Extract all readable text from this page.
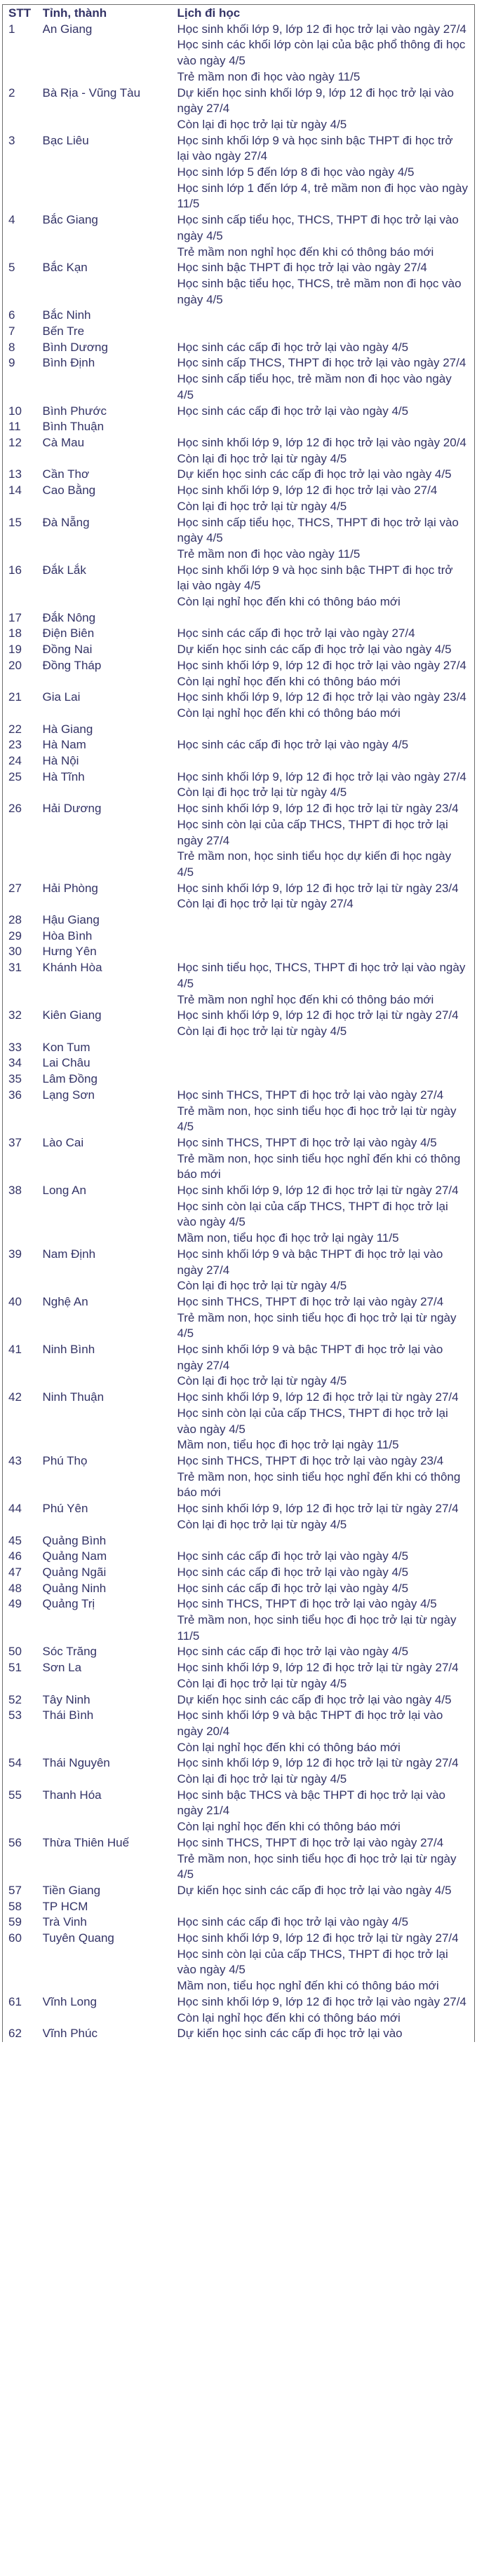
STT	Tỉnh, thành	Lịch đi học
1	An Giang	Học sinh khối lớp 9, lớp 12 đi học trở lại vào ngày 27/4
Học sinh các khối lớp còn lại của bậc phổ thông đi học vào ngày 4/5
Trẻ mầm non đi học vào ngày 11/5

2	Bà Rịa - Vũng Tàu	Dự kiến học sinh khối lớp 9, lớp 12 đi học trở lại vào ngày 27/4
Còn lại đi học trở lại từ ngày 4/5

3	Bạc Liêu	Học sinh khối lớp 9 và học sinh bậc THPT đi học trở lại vào ngày 27/4
Học sinh lớp 5 đến lớp 8 đi học vào ngày 4/5
Học sinh lớp 1 đến lớp 4, trẻ mầm non đi học vào ngày 11/5

4	Bắc Giang	Học sinh cấp tiểu học, THCS, THPT đi học trở lại vào ngày 4/5
Trẻ mầm non nghỉ học đến khi có thông báo mới

5	Bắc Kạn	Học sinh bậc THPT đi học trở lại vào ngày 27/4
Học sinh bậc tiểu học, THCS, trẻ mầm non đi học vào ngày 4/5

6	Bắc Ninh	
7	Bến Tre	
8	Bình Dương	Học sinh các cấp đi học trở lại vào ngày 4/5

9	Bình Định	Học sinh cấp THCS, THPT đi học trở lại vào ngày 27/4
Học sinh cấp tiểu học, trẻ mầm non đi học vào ngày 4/5

10	Bình Phước	Học sinh các cấp đi học trở lại vào ngày 4/5

11	Bình Thuận	
12	Cà Mau	Học sinh khối lớp 9, lớp 12 đi học trở lại vào ngày 20/4
Còn lại đi học trở lại từ ngày 4/5

13	Cần Thơ	Dự kiến học sinh các cấp đi học trở lại vào ngày 4/5

14	Cao Bằng	Học sinh khối lớp 9, lớp 12 đi học trở lại vào 27/4
Còn lại đi học trở lại từ ngày 4/5

15	Đà Nẵng	Học sinh cấp tiểu học, THCS, THPT đi học trở lại vào ngày 4/5
Trẻ mầm non đi học vào ngày 11/5

16	Đắk Lắk	Học sinh khối lớp 9 và học sinh bậc THPT đi học trở lại vào ngày 4/5
Còn lại nghỉ học đến khi có thông báo mới

17	Đắk Nông	
18	Điện Biên	Học sinh các cấp đi học trở lại vào ngày 27/4

19	Đồng Nai	Dự kiến học sinh các cấp đi học trở lại vào ngày 4/5

20	Đồng Tháp	Học sinh khối lớp 9, lớp 12 đi học trở lại vào ngày 27/4
Còn lại nghỉ học đến khi có thông báo mới

21	Gia Lai	Học sinh khối lớp 9, lớp 12 đi học trở lại vào ngày 23/4
Còn lại nghỉ học đến khi có thông báo mới

22	Hà Giang	
23	Hà Nam	Học sinh các cấp đi học trở lại vào ngày 4/5

24	Hà Nội	
25	Hà Tĩnh	Học sinh khối lớp 9, lớp 12 đi học trở lại vào ngày 27/4
Còn lại đi học trở lại từ ngày 4/5

26	Hải Dương	Học sinh khối lớp 9, lớp 12 đi học trở lại từ ngày 23/4
Học sinh còn lại của cấp THCS, THPT đi học trở lại ngày 27/4
Trẻ mầm non, học sinh tiểu học dự kiến đi học ngày 4/5

27	Hải Phòng	Học sinh khối lớp 9, lớp 12 đi học trở lại từ ngày 23/4
Còn lại đi học trở lại từ ngày 27/4

28	Hậu Giang	
29	Hòa Bình	
30	Hưng Yên	
31	Khánh Hòa	Học sinh tiểu học, THCS, THPT đi học trở lại vào ngày 4/5
Trẻ mầm non nghỉ học đến khi có thông báo mới

32	Kiên Giang	Học sinh khối lớp 9, lớp 12 đi học trở lại từ ngày 27/4
Còn lại đi học trở lại từ ngày 4/5

33	Kon Tum	
34	Lai Châu	
35	Lâm Đồng	
36	Lạng Sơn	Học sinh THCS, THPT đi học trở lại vào ngày 27/4
Trẻ mầm non, học sinh tiểu học đi học trở lại từ ngày 4/5

37	Lào Cai	Học sinh THCS, THPT đi học trở lại vào ngày 4/5
Trẻ mầm non, học sinh tiểu học nghỉ đến khi có thông báo mới

38	Long An	Học sinh khối lớp 9, lớp 12 đi học trở lại từ ngày 27/4
Học sinh còn lại của cấp THCS, THPT đi học trở lại vào ngày 4/5
Mầm non, tiểu học đi học trở lại ngày 11/5

39	Nam Định	Học sinh khối lớp 9 và bậc THPT đi học trở lại vào ngày 27/4
Còn lại đi học trở lại từ ngày 4/5

40	Nghệ An	Học sinh THCS, THPT đi học trở lại vào ngày 27/4
Trẻ mầm non, học sinh tiểu học đi học trở lại từ ngày 4/5

41	Ninh Bình	Học sinh khối lớp 9 và bậc THPT đi học trở lại vào ngày 27/4
Còn lại đi học trở lại từ ngày 4/5

42	Ninh Thuận	Học sinh khối lớp 9, lớp 12 đi học trở lại từ ngày 27/4
Học sinh còn lại của cấp THCS, THPT đi học trở lại vào ngày 4/5
Mầm non, tiểu học đi học trở lại ngày 11/5

43	Phú Thọ	Học sinh THCS, THPT đi học trở lại vào ngày 23/4
Trẻ mầm non, học sinh tiểu học nghỉ đến khi có thông báo mới

44	Phú Yên	Học sinh khối lớp 9, lớp 12 đi học trở lại từ ngày 27/4
Còn lại đi học trở lại từ ngày 4/5

45	Quảng Bình	
46	Quảng Nam	Học sinh các cấp đi học trở lại vào ngày 4/5

47	Quảng Ngãi	Học sinh các cấp đi học trở lại vào ngày 4/5

48	Quảng Ninh	Học sinh các cấp đi học trở lại vào ngày 4/5

49	Quảng Trị	Học sinh THCS, THPT đi học trở lại vào ngày 4/5
Trẻ mầm non, học sinh tiểu học đi học trở lại từ ngày 11/5

50	Sóc Trăng	Học sinh các cấp đi học trở lại vào ngày 4/5

51	Sơn La	Học sinh khối lớp 9, lớp 12 đi học trở lại từ ngày 27/4
Còn lại đi học trở lại từ ngày 4/5

52	Tây Ninh	Dự kiến học sinh các cấp đi học trở lại vào ngày 4/5

53	Thái Bình	Học sinh khối lớp 9 và bậc THPT đi học trở lại vào ngày 20/4
Còn lại nghỉ học đến khi có thông báo mới

54	Thái Nguyên	Học sinh khối lớp 9, lớp 12 đi học trở lại từ ngày 27/4
Còn lại đi học trở lại từ ngày 4/5

55	Thanh Hóa	Học sinh bậc THCS và bậc THPT đi học trở lại vào ngày 21/4
Còn lại nghỉ học đến khi có thông báo mới

56	Thừa Thiên Huế	Học sinh THCS, THPT đi học trở lại vào ngày 27/4
Trẻ mầm non, học sinh tiểu học đi học trở lại từ ngày 4/5

57	Tiền Giang	Dự kiến học sinh các cấp đi học trở lại vào ngày 4/5

58	TP HCM	
59	Trà Vinh	Học sinh các cấp đi học trở lại vào ngày 4/5

60	Tuyên Quang	Học sinh khối lớp 9, lớp 12 đi học trở lại từ ngày 27/4
Học sinh còn lại của cấp THCS, THPT đi học trở lại vào ngày 4/5
Mầm non, tiểu học nghỉ đến khi có thông báo mới

61	Vĩnh Long	Học sinh khối lớp 9, lớp 12 đi học trở lại vào ngày 27/4
Còn lại nghỉ học đến khi có thông báo mới

62	Vĩnh Phúc	Dự kiến học sinh các cấp đi học trở lại vào
